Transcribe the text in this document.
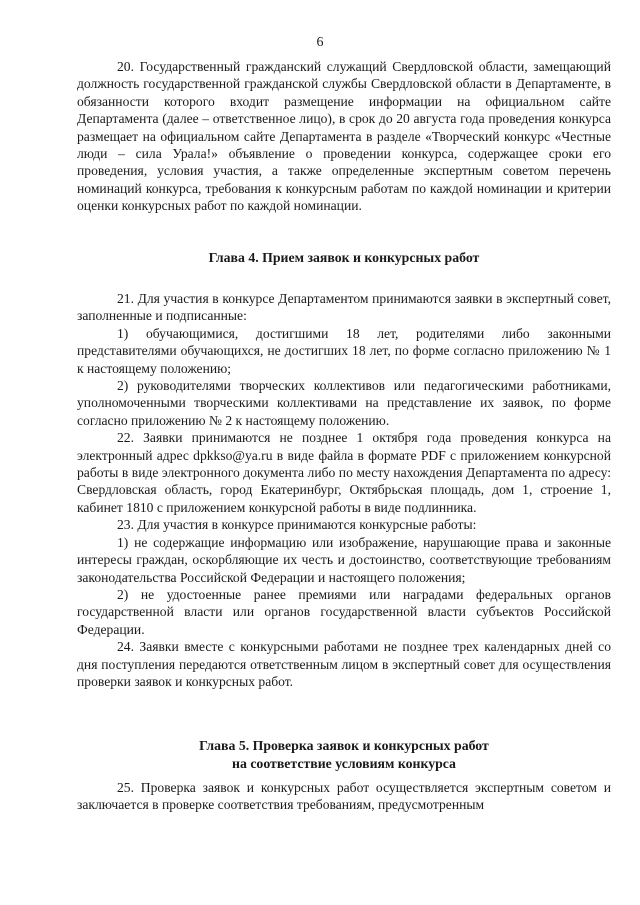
6

20. Государственный гражданский служащий Свердловской области, замещающий должность государственной гражданской службы Свердловской области в Департаменте, в обязанности которого входит размещение информации на официальном сайте Департамента (далее – ответственное лицо), в срок до 20 августа года проведения конкурса размещает на официальном сайте Департамента в разделе «Творческий конкурс «Честные люди – сила Урала!» объявление о проведении конкурса, содержащее сроки его проведения, условия участия, а также определенные экспертным советом перечень номинаций конкурса, требования к конкурсным работам по каждой номинации и критерии оценки конкурсных работ по каждой номинации.

Глава 4. Прием заявок и конкурсных работ

21. Для участия в конкурсе Департаментом принимаются заявки в экспертный совет, заполненные и подписанные:

1) обучающимися, достигшими 18 лет, родителями либо законными представителями обучающихся, не достигших 18 лет, по форме согласно приложению № 1 к настоящему положению;

2) руководителями творческих коллективов или педагогическими работниками, уполномоченными творческими коллективами на представление их заявок, по форме согласно приложению № 2 к настоящему положению.

22. Заявки принимаются не позднее 1 октября года проведения конкурса на электронный адрес dpkkso@ya.ru в виде файла в формате PDF с приложением конкурсной работы в виде электронного документа либо по месту нахождения Департамента по адресу: Свердловская область, город Екатеринбург, Октябрьская площадь, дом 1, строение 1, кабинет 1810 с приложением конкурсной работы в виде подлинника.

23. Для участия в конкурсе принимаются конкурсные работы:

1) не содержащие информацию или изображение, нарушающие права и законные интересы граждан, оскорбляющие их честь и достоинство, соответствующие требованиям законодательства Российской Федерации и настоящего положения;

2) не удостоенные ранее премиями или наградами федеральных органов государственной власти или органов государственной власти субъектов Российской Федерации.

24. Заявки вместе с конкурсными работами не позднее трех календарных дней со дня поступления передаются ответственным лицом в экспертный совет для осуществления проверки заявок и конкурсных работ.

Глава 5. Проверка заявок и конкурсных работ

на соответствие условиям конкурса

25. Проверка заявок и конкурсных работ осуществляется экспертным советом и заключается в проверке соответствия требованиям, предусмотренным
